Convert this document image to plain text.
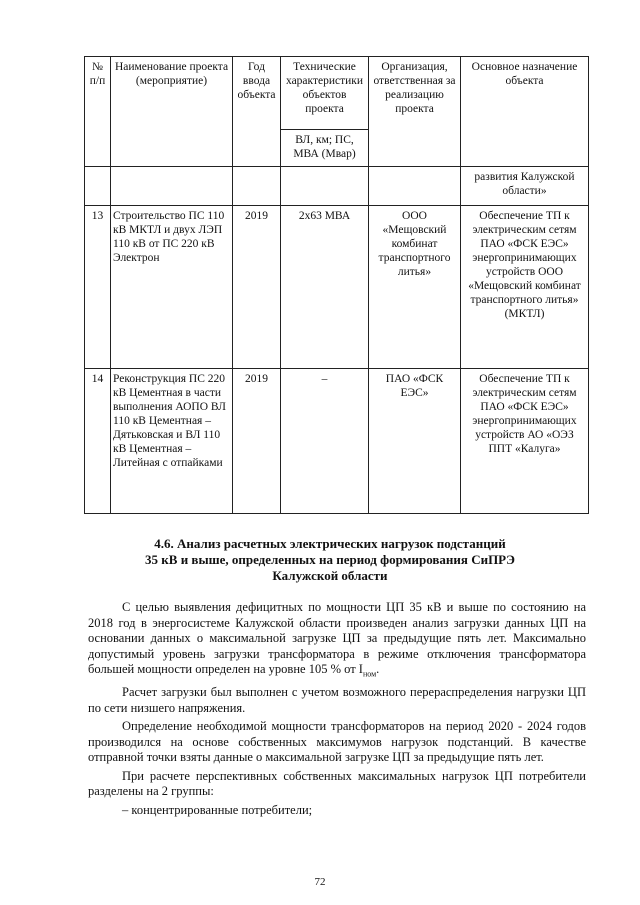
№ п/п	Наименование проекта (мероприятие)	Год ввода объекта	Технические характеристики объектов проекта	Организация, ответственная за реализацию проекта	Основное назначение объекта
			ВЛ, км; ПС, МВА (Мвар)		
					развития Калужской области»
13	Строительство ПС 110 кВ МКТЛ и двух ЛЭП 110 кВ от ПС 220 кВ Электрон	2019	2х63 МВА	ООО «Мещовский комбинат транспортного литья»	Обеспечение ТП к электрическим сетям ПАО «ФСК ЕЭС» энергопринимающих устройств ООО «Мещовский комбинат транспортного литья» (МКТЛ)
14	Реконструкция ПС 220 кВ Цементная в части выполнения АОПО ВЛ 110 кВ Цементная – Дятьковская и ВЛ 110 кВ Цементная – Литейная с отпайками	2019	–	ПАО «ФСК ЕЭС»	Обеспечение ТП к электрическим сетям ПАО «ФСК ЕЭС» энергопринимающих устройств АО «ОЭЗ ППТ «Калуга»
4.6. Анализ расчетных электрических нагрузок подстанций
35 кВ и выше, определенных на период формирования СиПРЭ
Калужской области

С целью выявления дефицитных по мощности ЦП 35 кВ и выше по состоянию на 2018 год в энергосистеме Калужской области произведен анализ загрузки данных ЦП на основании данных о максимальной загрузке ЦП за предыдущие пять лет. Максимально допустимый уровень загрузки трансформатора в режиме отключения трансформатора большей мощности определен на уровне 105 % от $I_{ном}$.

Расчет загрузки был выполнен с учетом возможного перераспределения нагрузки ЦП по сети низшего напряжения.

Определение необходимой мощности трансформаторов на период 2020 - 2024 годов производился на основе собственных максимумов нагрузок подстанций. В качестве отправной точки взяты данные о максимальной загрузке ЦП за предыдущие пять лет.

При расчете перспективных собственных максимальных нагрузок ЦП потребители разделены на 2 группы:

– концентрированные потребители;

72
